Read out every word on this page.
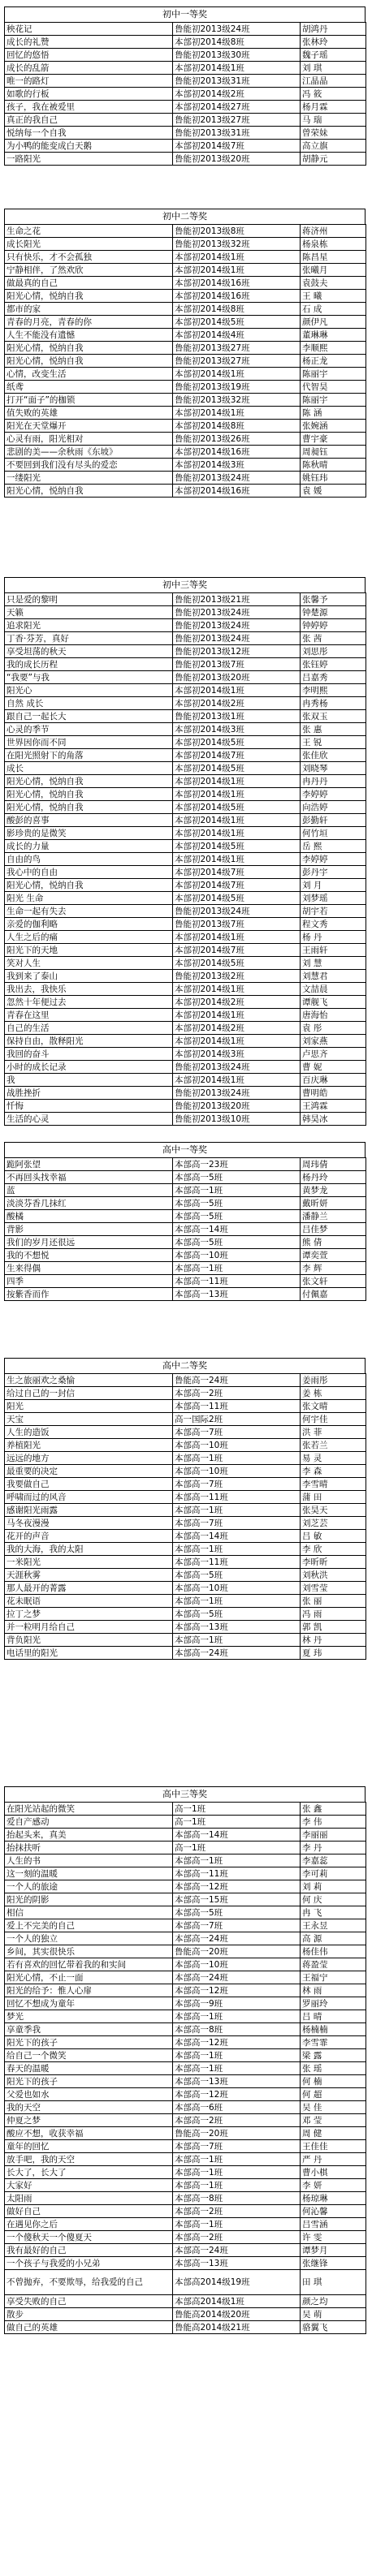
初中一等奖
秧花记	鲁能初2013级24班	胡鸿丹
成长的礼赞	本部初2014级8班	张林玲
回忆的悠悟	鲁能初2013级30班	魏子瑶
成长的乱箭	本部初2014级1班	刘 琪
唯一的路灯	鲁能初2013级31班	江晶晶
如歌的行板	本部初2014级2班	冯 筱
孩子，我在被爱里	本部初2014级27班	杨月霖
真正的我自己	鲁能初2013级27班	马 瑞
悦纳每一个自我	鲁能初2013级31班	曾荣妹
为小鸭的能变成白天鹅	本部初2014级7班	高立旗
一路阳光	鲁能初2013级20班	胡静元
初中二等奖
生命之花	鲁能初2013级8班	蒋济州
成长阳光	鲁能初2013级32班	杨泉栋
只有快乐，才不会孤独	本部初2014级1班	陈昌星
宁静相伴，了然欢欣	本部初2014级1班	张曦月
做最真的自己	本部初2014级16班	袁鼓夫
阳光心情，悦纳自我	本部初2014级16班	王 曦
都市的家	本部初2014级8班	石 成
青春的月亮，青春的你	本部初2014级5班	颜伊凡
人生不能没有遗憾	本部初2014级4班	董琳琳
阳光心情，悦纳自我	鲁能初2013级27班	李顺熙
阳光心情，悦纳自我	鲁能初2013级27班	杨正龙
心情，改变生活	本部初2014级1班	陈丽宇
纸鸢	鲁能初2013级19班	代智昊
打开“面子”的枷锁	鲁能初2013级32班	陈丽宇
值失败的英雄	本部初2014级1班	陈 涵
阳光在天堂爆开	本部初2014级8班	张婉涵
心灵有雨，阳光相对	鲁能初2013级26班	曹宇豪
悲剧的美——余秋雨《东坡》	本部初2014级16班	周昶钰
不要回到我们没有尽头的爱恋	本部初2014级3班	陈秋晴
一缕阳光	鲁能初2013级24班	姚钰玮
阳光心情，悦纳自我	本部初2014级16班	袁 媛
初中三等奖
只是爱的黎明	鲁能初2013级21班	张馨予
天籁	鲁能初2013级24班	钟楚源
追求阳光	鲁能初2013级24班	钟婷婷
丁香·芬芳，真好	鲁能初2013级24班	张 茜
享受坦荡的秋天	鲁能初2013级12班	刘思彤
我的成长历程	鲁能初2013级7班	张钰婷
“我要”与我	鲁能初2013级20班	吕嘉秀
阳光心	本部初2014级1班	李明熙
自然 成长	本部初2014级2班	冉秀杨
跟自己一起长大	鲁能初2013级1班	张双玉
心灵的季节	本部初2014级3班	张 惠
世界因你而不同	本部初2014级5班	王 锐
在阳光照射下的角落	本部初2014级7班	张佳欣
成长	本部初2014级5班	刘晓琴
阳光心情，悦纳自我	本部初2014级1班	冉丹丹
阳光心情，悦纳自我	本部初2014级1班	李婷婷
阳光心情，悦纳自我	本部初2014级5班	向浩婷
酸彭的喜事	本部初2014级1班	彭勤轩
影珍贵的是微笑	本部初2014级1班	何竹垣
成长的力量	本部初2014级5班	岳 熙
自由的鸟	本部初2014级1班	李婷婷
我心中的自由	本部初2014级7班	彭丹宇
阳光心情，悦纳自我	本部初2014级7班	刘 月
阳光 生命	本部初2014级5班	刘梦瑶
生命一起有失去	鲁能初2013级24班	胡宇若
亲爱的伽利略	鲁能初2013级7班	程文秀
人生之后的痛	本部初2014级1班	杨 丹
阳光下的天地	本部初2014级7班	王雨轩
笑对人生	本部初2014级5班	刘 慧
我到来了泰山	鲁能初2013级2班	刘慧君
我出去，我快乐	本部初2014级1班	文喆晨
忽然十年便过去	本部初2014级2班	谭舰飞
青春在这里	本部初2014级1班	唐海怡
自己的生活	本部初2014级2班	袁 彤
保持自由，散释阳光	本部初2014级1班	刘家燕
我回的奋斗	本部初2014级3班	卢思齐
小时的成长记录	鲁能初2013级24班	曹 妮
我	本部初2014级1班	百庆琳
战胜挫折	鲁能初2013级24班	曹明皓
忏悔	鲁能初2013级20班	王鸿霖
生活的心灵	鲁能初2013级10班	韩昊冰
高中一等奖
跪阿张望	本部高一23班	周玮倩
不再回头找幸福	本部高一5班	杨丹玲
蓝	本部高一1班	黄梦龙
淡淡芬香几抹红	本部高一5班	戴昕妍
酸橘	本部高一5班	潘静兰
背影	本部高一14班	吕佳梦
我们的岁月还很远	本部高一5班	熊 倩
我的不想悦	本部高一10班	谭奕萱
生来得偶	本部高一1班	李 辉
四季	本部高一11班	张文轩
按紫香而作	本部高一13班	付佩嘉
高中二等奖
生之旅丽欢之桑愉	鲁能高一24班	姜雨彤
给过自己的一封信	本部高一2班	姜 栋
阳光	本部高一11班	张文晴
天宝	高一国际2班	何宇佳
人生的造饭	本部高一7班	洪 菲
养植阳光	本部高一10班	张若兰
远远的地方	本部高一1班	易 灵
最重要的决定	本部高一10班	李 森
我要做自己	本部高一7班	李雪晴
呼啸而过的风音	本部高一11班	蒲 田
感谢阳光雨露	本部高一1班	张昊天
马冬夜漫漫	本部高一7班	刘芝芸
花开的声音	本部高一14班	吕 敏
我的大海，我的太阳	本部高一1班	李 欣
一米阳光	本部高一11班	李昕昕
天涯秋雾	本部高一5班	刘秋洪
那人最开的菁露	本部高一10班	刘雪莹
花未眠语	本部高一1班	张 丽
拉丁之梦	本部高一5班	冯 雨
并一粒明月给自己	本部高一13班	郭 凯
背负阳光	本部高一1班	林 丹
电话里的阳光	本部高一24班	夏 玮
高中三等奖
在阳光站起的微笑	高一1班	张 鑫
爱自产感动	高一1班	李 伟
抬起头来，真美	本部高一14班	李丽丽
抬抹扶听	高一1班	李 丹
人生的书	本部高一1班	李嘉蕊
这一刻的温暖	本部高一11班	李可莉
一个人的旅途	本部高一12班	刘 莉
阳光的阴影	本部高一15班	何 庆
相信	本部高一5班	冉 飞
爱上不完美的自己	本部高一7班	王永昱
一个人的独立	本部高一24班	高 源
乡间，其实很快乐	鲁能高一20班	杨佳伟
若有喜欢的回忆带着我的和实间	本部高一10班	蒋盈莹
阳光心情，不止一面	本部高一24班	王福宁
阳光的给予：惟人心扉	本部高一12班	林 雨
回忆不想成为童年	本部高一9班	罗丽玲
梦光	本部高一1班	吕 晴
享童季我	本部高一8班	杨楠楠
阳光下的孩子	本部高一12班	李雪霏
给自己一个微笑	本部高一1班	梁 露
春天的温暖	本部高一1班	张 瑶
阳光下的孩子	本部高一13班	何 楠
父爱也如水	本部高一12班	何 超
我的天空	本部高一6班	吴 佳
仲夏之梦	本部高一2班	邓 莹
酸应不想，收获幸福	鲁能高一20班	周 健
童年的回忆	本部高一7班	王佳佳
放手吧，我的天空	本部高一1班	严 丹
长大了，长大了	本部高一1班	曹小棋
大家好	本部高一1班	李 妍
太阳雨	本部高一8班	杨琼琳
做好自己	本部高一2班	何沁馨
在遇见你之后	本部高一1班	吕雪涵
一个傻秋天一个傻夏天	本部高一2班	许 雯
我有最好的自己	本部高一24班	谭梦月
一个孩子与我爱的小兄弟	本部高一13班	张继锋
不曾抛弃，不要欺辱，给我爱的自己	本部高2014级19班	田 琪
享受失败的自己	本部高2014级1班	颜之均
散步	鲁能高2014级20班	吴 萌
做自己的英雄	鲁能高2014级21班	骆翼飞
